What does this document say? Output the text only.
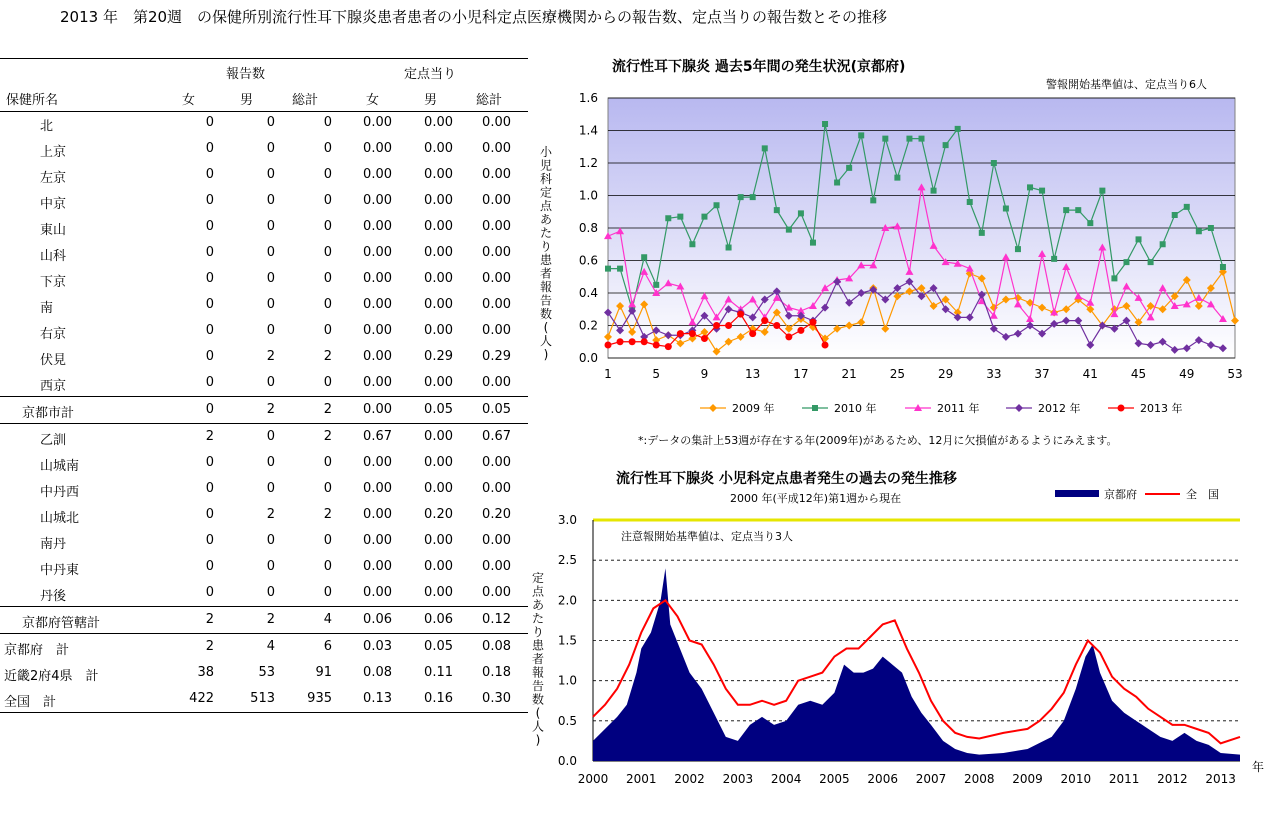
2013 年　第20週　の保健所別流行性耳下腺炎患者患者の小児科定点医療機関からの報告数、定点当りの報告数とその推移
報告数	定点当り
保健所名	女	男	総計	女	男	総計
北	0	0	0	0.00	0.00	0.00
上京	0	0	0	0.00	0.00	0.00
左京	0	0	0	0.00	0.00	0.00
中京	0	0	0	0.00	0.00	0.00
東山	0	0	0	0.00	0.00	0.00
山科	0	0	0	0.00	0.00	0.00
下京	0	0	0	0.00	0.00	0.00
南	0	0	0	0.00	0.00	0.00
右京	0	0	0	0.00	0.00	0.00
伏見	0	2	2	0.00	0.29	0.29
西京	0	0	0	0.00	0.00	0.00
京都市計	0	2	2	0.00	0.05	0.05
乙訓	2	0	2	0.67	0.00	0.67
山城南	0	0	0	0.00	0.00	0.00
中丹西	0	0	0	0.00	0.00	0.00
山城北	0	2	2	0.00	0.20	0.20
南丹	0	0	0	0.00	0.00	0.00
中丹東	0	0	0	0.00	0.00	0.00
丹後	0	0	0	0.00	0.00	0.00
京都府管轄計	2	2	4	0.06	0.06	0.12
京都府　計	2	4	6	0.03	0.05	0.08
近畿2府4県　計	38	53	91	0.08	0.11	0.18
全国　計	422	513	935	0.13	0.16	0.30
流行性耳下腺炎 過去5年間の発生状況(京都府)
警報開始基準値は、定点当り6人
*:データの集計上53週が存在する年(2009年)があるため、12月に欠損値があるようにみえます。
0.0
0.2
0.4
0.6
0.8
1.0
1.2
1.4
1.6
1	5	9	13	17	21	25	29	33	37	41	45	49	53
小
児
科
定
点
あ
た
り
患
者
報
告
数
(
人
)
2009 年	2010 年	2011 年	2012 年	2013 年
流行性耳下腺炎 小児科定点患者発生の過去の発生推移
2000 年(平成12年)第1週から現在
0.0
0.5
1.0
1.5
2.0
2.5
3.0
2000 2001 2002 2003 2004 2005 2006 2007 2008 2009 2010 2011 2012 2013
年
注意報開始基準値は、定点当り3人
定
点
あ
た
り
患
者
報
告
数
(
人
)
京都府	全　国
